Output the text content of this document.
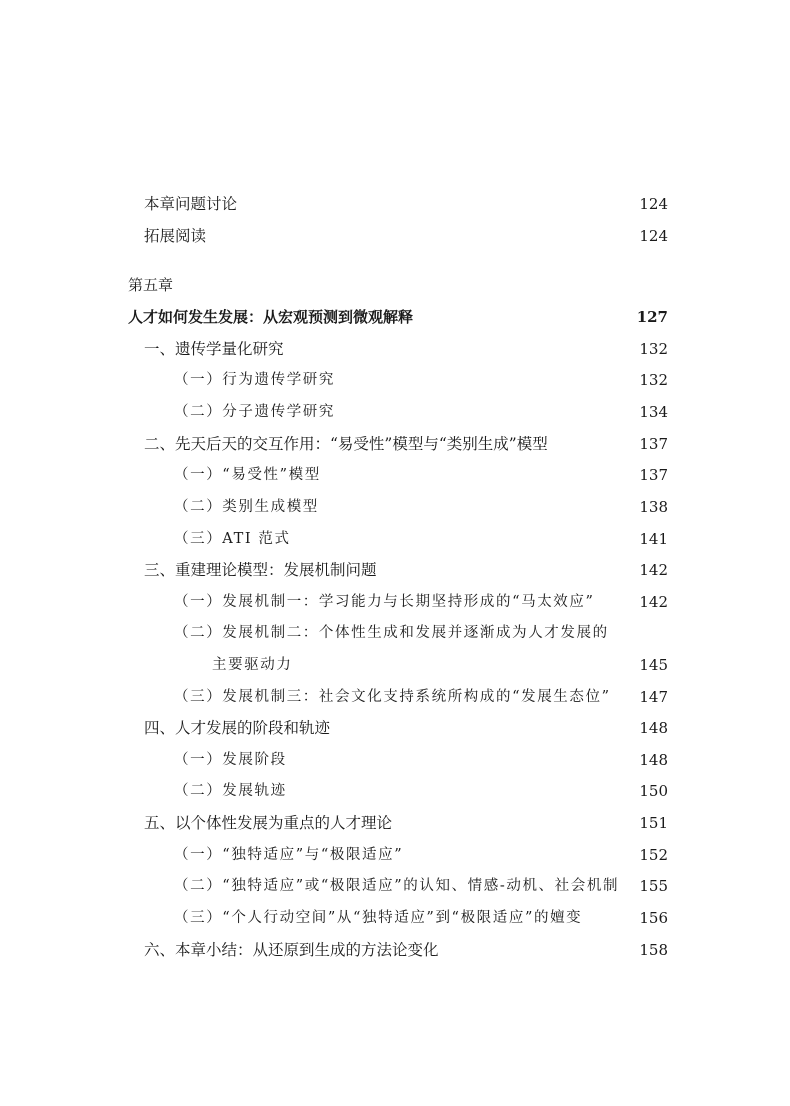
本章问题讨论	124
拓展阅读	124
第五章
人才如何发生发展：从宏观预测到微观解释	127
一、遗传学量化研究	132
（一）行为遗传学研究	132
（二）分子遗传学研究	134
二、先天后天的交互作用：“易受性”模型与“类别生成”模型	137
（一）“易受性”模型	137
（二）类别生成模型	138
（三）ATI 范式	141
三、重建理论模型：发展机制问题	142
（一）发展机制一：学习能力与长期坚持形成的“马太效应”	142
（二）发展机制二：个体性生成和发展并逐渐成为人才发展的
主要驱动力	145
（三）发展机制三：社会文化支持系统所构成的“发展生态位” 147
四、人才发展的阶段和轨迹	148
（一）发展阶段	148
（二）发展轨迹	150
五、以个体性发展为重点的人才理论	151
（一）“独特适应”与“极限适应”	152
（二）“独特适应”或“极限适应”的认知、情感-动机、社会机制 155
（三）“个人行动空间”从“独特适应”到“极限适应”的嬗变	156
六、本章小结：从还原到生成的方法论变化	158
